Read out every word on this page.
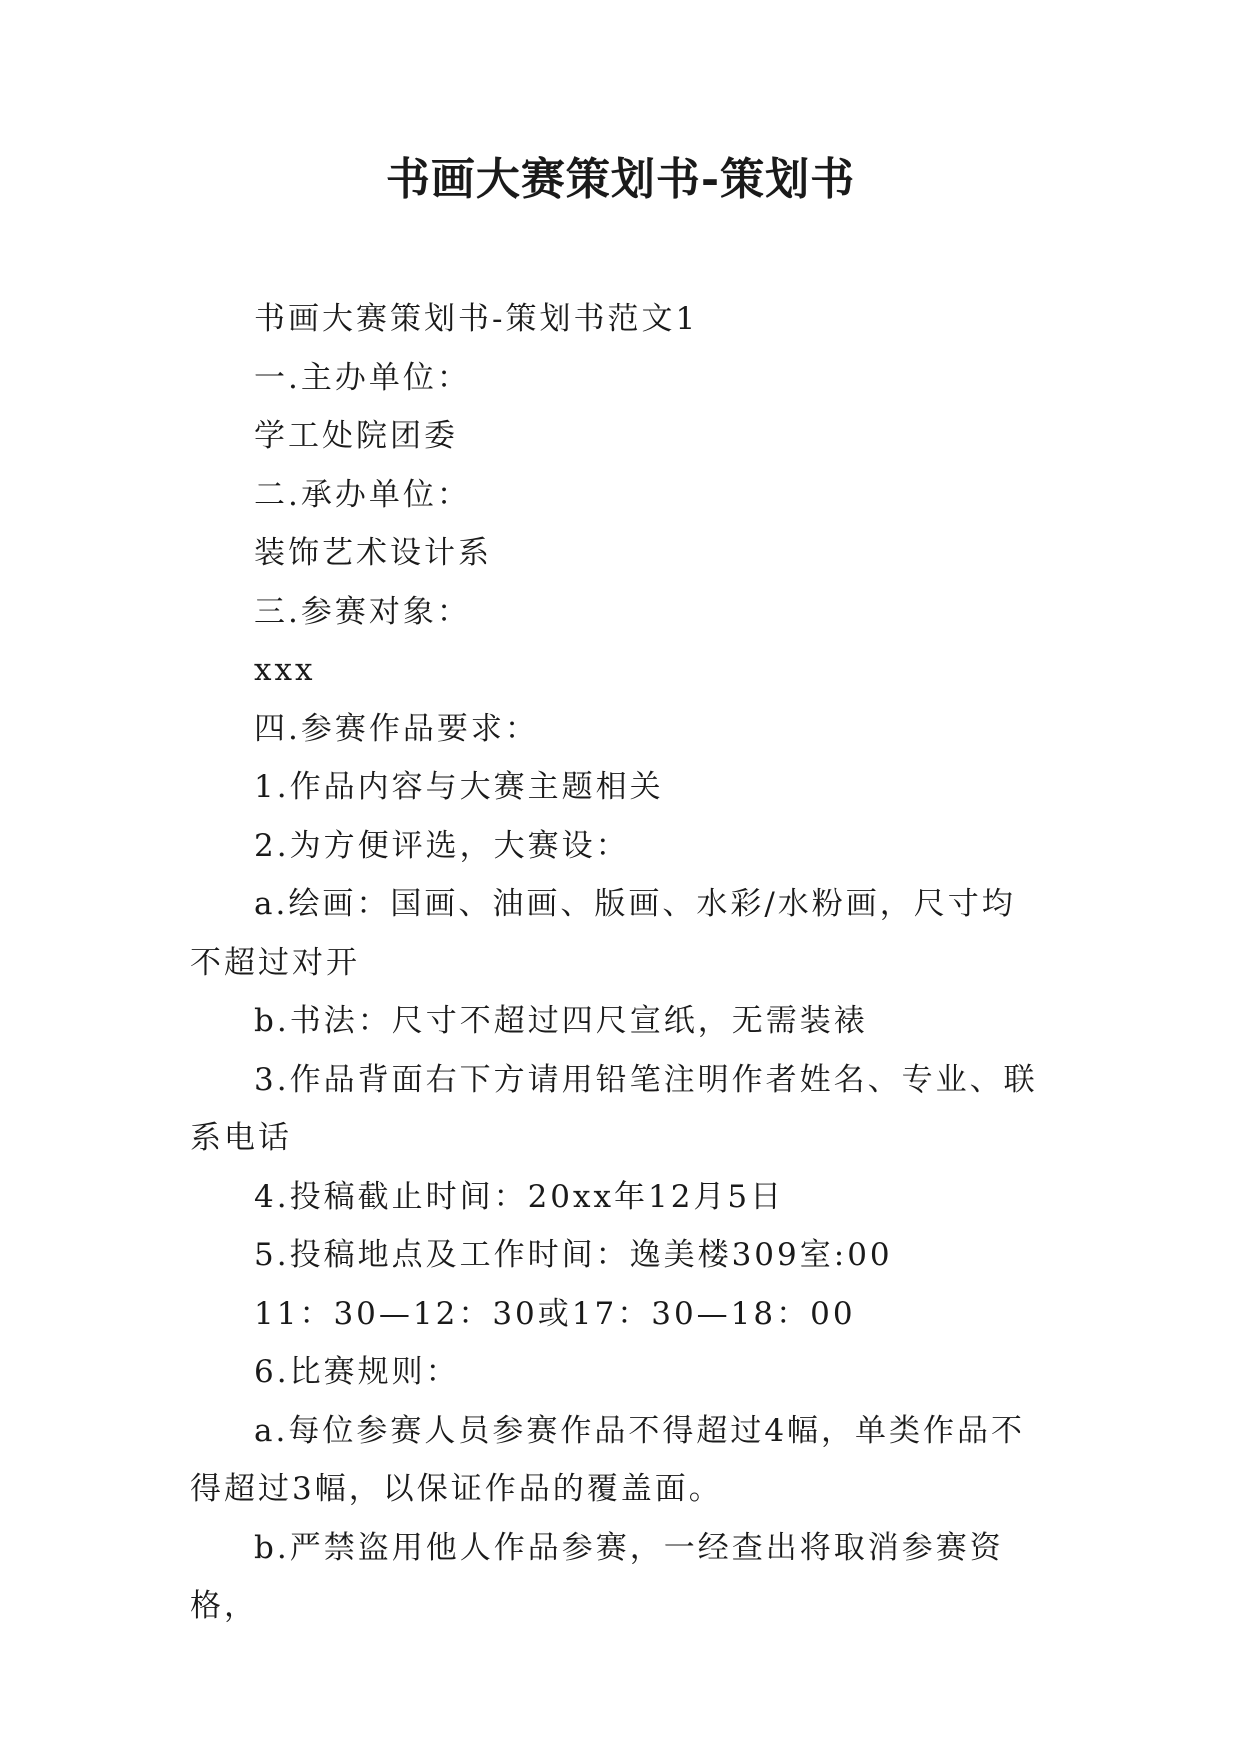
书画大赛策划书-策划书

书画大赛策划书-策划书范文1

一.主办单位：

学工处院团委

二.承办单位：

装饰艺术设计系

三.参赛对象：

xxx

四.参赛作品要求：

1.作品内容与大赛主题相关

2.为方便评选，大赛设：

a.绘画：国画、油画、版画、水彩/水粉画，尺寸均不超过对开

b.书法：尺寸不超过四尺宣纸，无需装裱

3.作品背面右下方请用铅笔注明作者姓名、专业、联系电话

4.投稿截止时间：20xx年12月5日

5.投稿地点及工作时间：逸美楼309室:00

11：30—12：30或17：30—18：00

6.比赛规则：

a.每位参赛人员参赛作品不得超过4幅，单类作品不得超过3幅，以保证作品的覆盖面。

b.严禁盗用他人作品参赛，一经查出将取消参赛资格，
